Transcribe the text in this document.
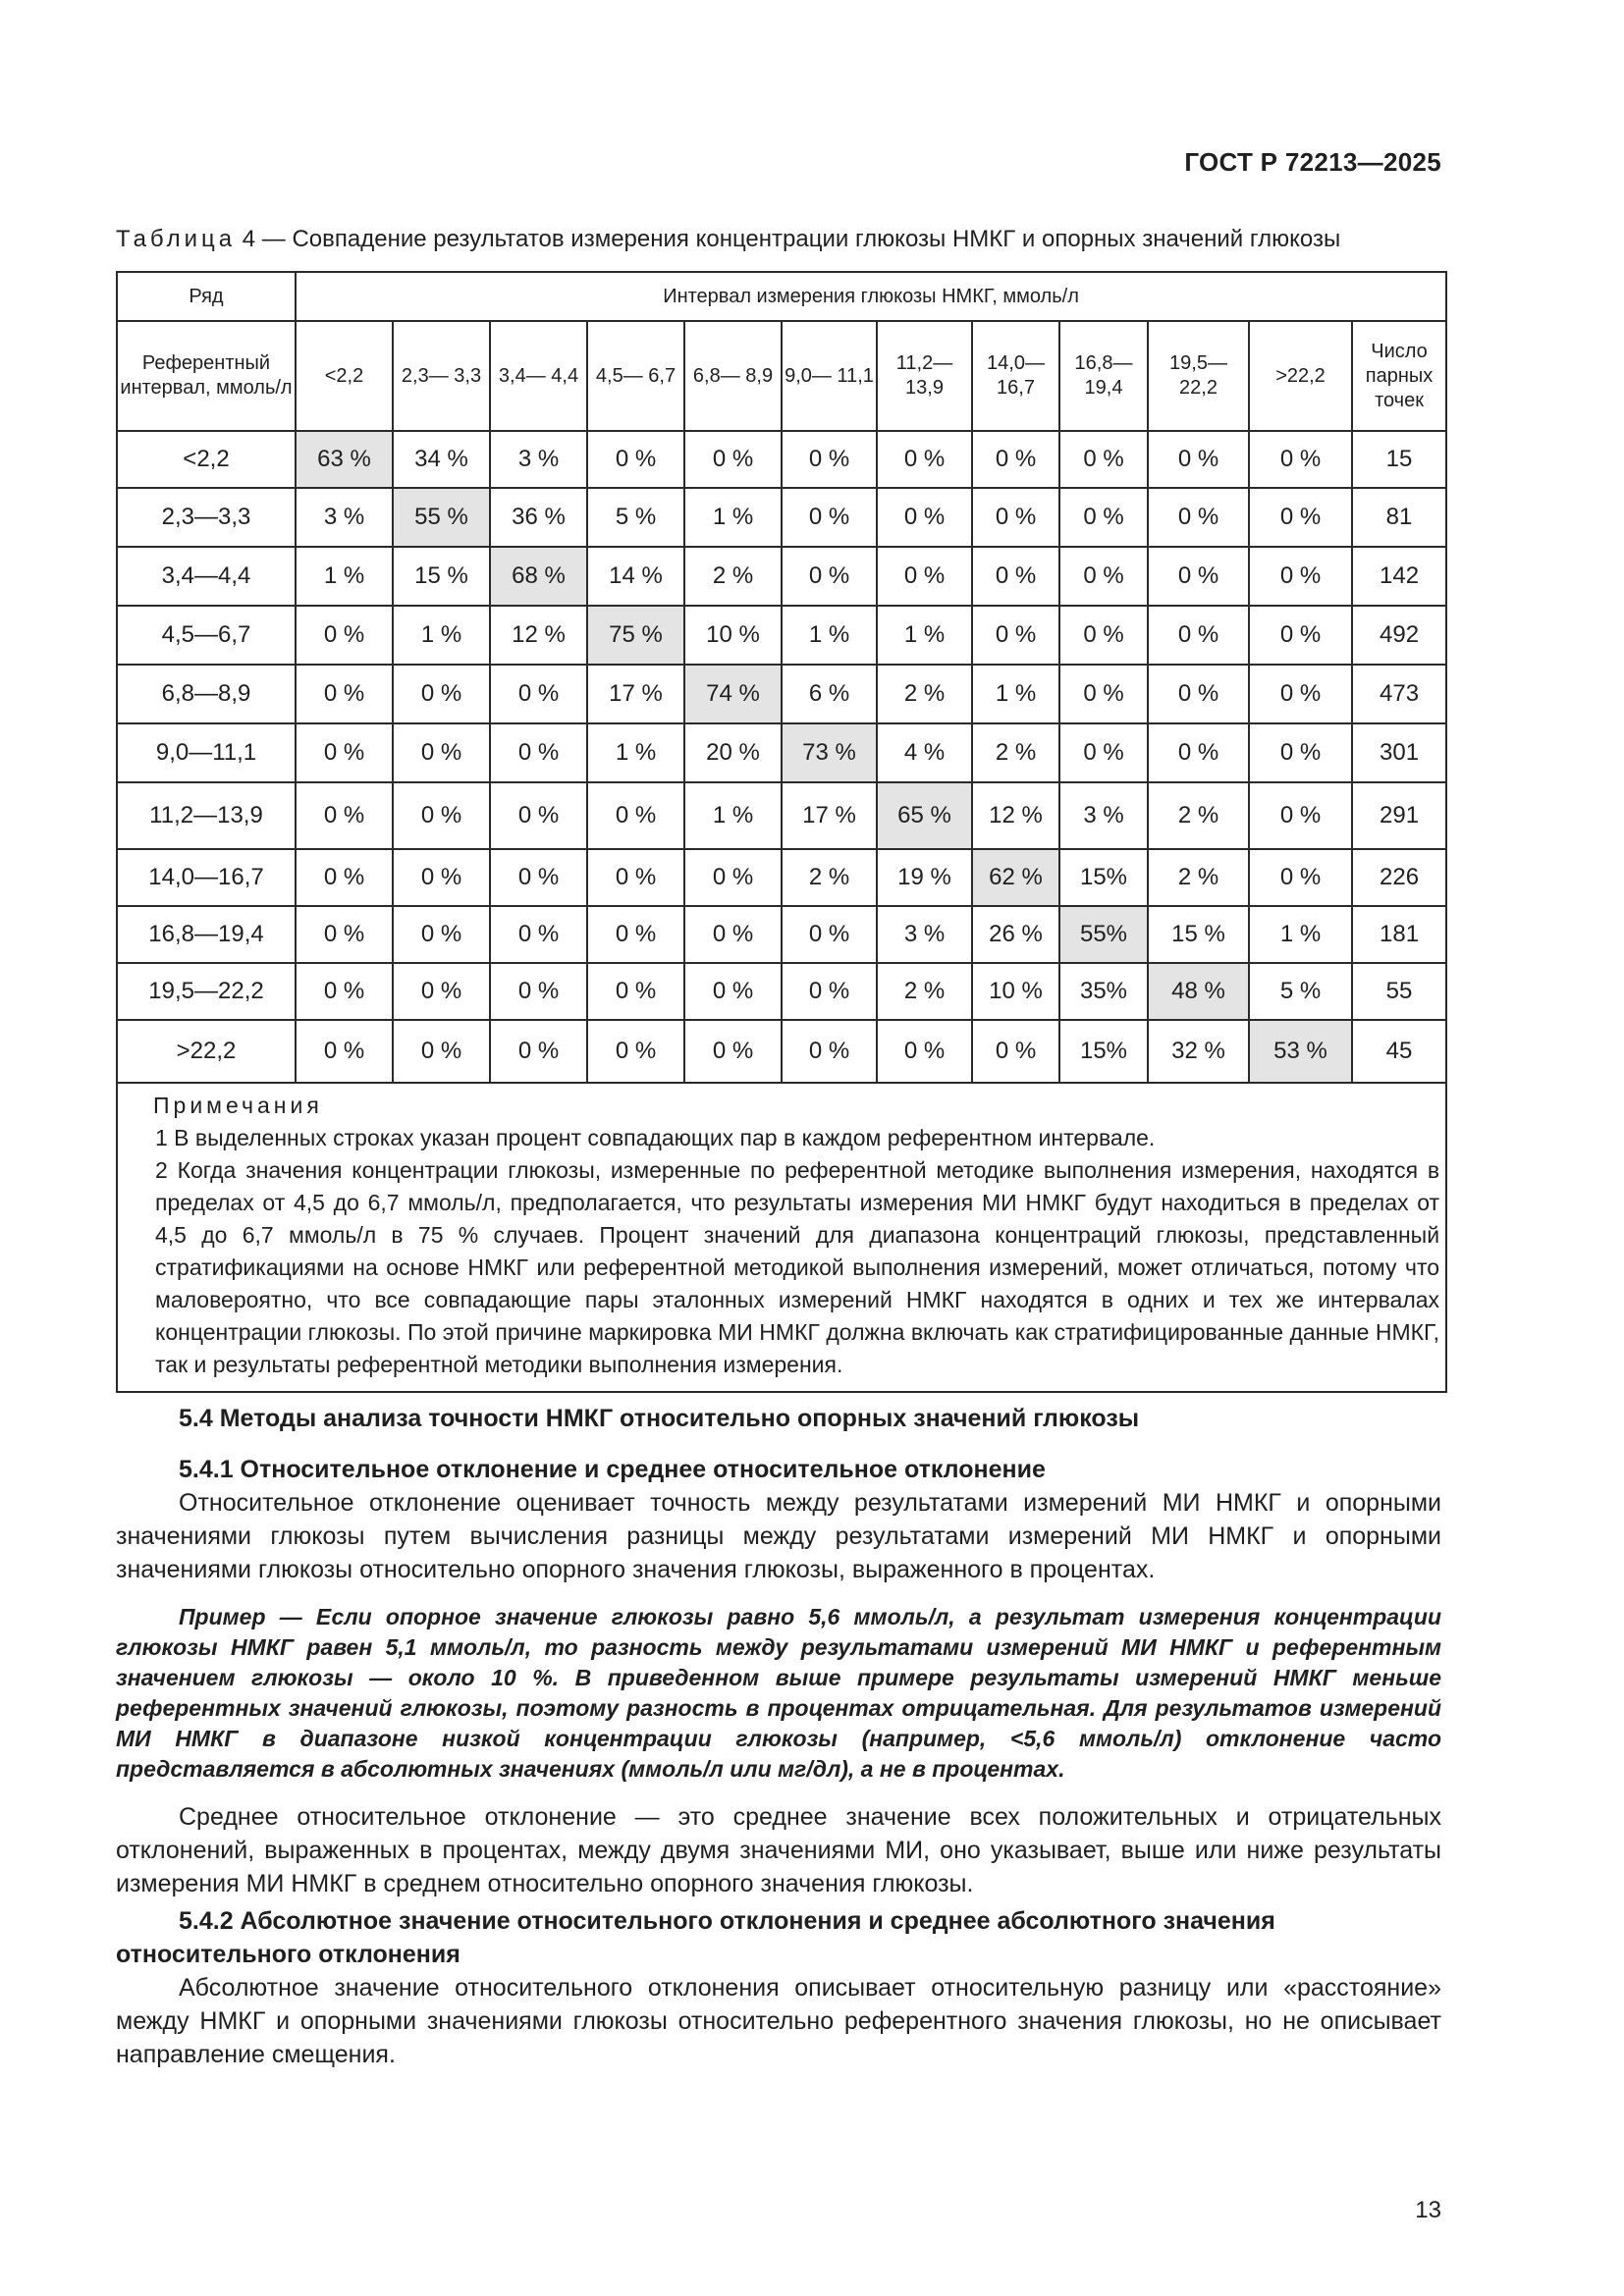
ГОСТ Р 72213—2025
Таблица 4 — Совпадение результатов измерения концентрации глюкозы НМКГ и опорных значений глюкозы
Ряд	Интервал измерения глюкозы НМКГ, ммоль/л											
Референтный интервал, ммоль/л	<2,2	2,3— 3,3	3,4— 4,4	4,5— 6,7	6,8— 8,9	9,0— 11,1	11,2— 13,9	14,0— 16,7	16,8— 19,4	19,5— 22,2	>22,2	Число парных точек
<2,2	63 %	34 %	3 %	0 %	0 %	0 %	0 %	0 %	0 %	0 %	0 %	15
2,3—3,3	3 %	55 %	36 %	5 %	1 %	0 %	0 %	0 %	0 %	0 %	0 %	81
3,4—4,4	1 %	15 %	68 %	14 %	2 %	0 %	0 %	0 %	0 %	0 %	0 %	142
4,5—6,7	0 %	1 %	12 %	75 %	10 %	1 %	1 %	0 %	0 %	0 %	0 %	492
6,8—8,9	0 %	0 %	0 %	17 %	74 %	6 %	2 %	1 %	0 %	0 %	0 %	473
9,0—11,1	0 %	0 %	0 %	1 %	20 %	73 %	4 %	2 %	0 %	0 %	0 %	301
11,2—13,9	0 %	0 %	0 %	0 %	1 %	17 %	65 %	12 %	3 %	2 %	0 %	291
14,0—16,7	0 %	0 %	0 %	0 %	0 %	2 %	19 %	62 %	15%	2 %	0 %	226
16,8—19,4	0 %	0 %	0 %	0 %	0 %	0 %	3 %	26 %	55%	15 %	1 %	181
19,5—22,2	0 %	0 %	0 %	0 %	0 %	0 %	2 %	10 %	35%	48 %	5 %	55
>22,2	0 %	0 %	0 %	0 %	0 %	0 %	0 %	0 %	15%	32 %	53 %	45

Примечания

1 В выделенных строках указан процент совпадающих пар в каждом референтном интервале.

2 Когда значения концентрации глюкозы, измеренные по референтной методике выполнения измерения, находятся в пределах от 4,5 до 6,7 ммоль/л, предполагается, что результаты измерения МИ НМКГ будут находиться в пределах от 4,5 до 6,7 ммоль/л в 75 % случаев. Процент значений для диапазона концентраций глюкозы, представленный стратификациями на основе НМКГ или референтной методикой выполнения измерений, может отличаться, потому что маловероятно, что все совпадающие пары эталонных измерений НМКГ находятся в одних и тех же интервалах концентрации глюкозы. По этой причине маркировка МИ НМКГ должна включать как стратифицированные данные НМКГ, так и результаты референтной методики выполнения измерения.												

5.4 Методы анализа точности НМКГ относительно опорных значений глюкозы
5.4.1 Относительное отклонение и среднее относительное отклонение

Относительное отклонение оценивает точность между результатами измерений МИ НМКГ и опорными значениями глюкозы путем вычисления разницы между результатами измерений МИ НМКГ и опорными значениями глюкозы относительно опорного значения глюкозы, выраженного в процентах.

Пример — Если опорное значение глюкозы равно 5,6 ммоль/л, а результат измерения концентрации глюкозы НМКГ равен 5,1 ммоль/л, то разность между результатами измерений МИ НМКГ и референтным значением глюкозы — около 10 %. В приведенном выше примере результаты измерений НМКГ меньше референтных значений глюкозы, поэтому разность в процентах отрицательная. Для результатов измерений МИ НМКГ в диапазоне низкой концентрации глюкозы (например, <5,6 ммоль/л) отклонение часто представляется в абсолютных значениях (ммоль/л или мг/дл), а не в процентах.

Среднее относительное отклонение — это среднее значение всех положительных и отрицательных отклонений, выраженных в процентах, между двумя значениями МИ, оно указывает, выше или ниже результаты измерения МИ НМКГ в среднем относительно опорного значения глюкозы.

5.4.2 Абсолютное значение относительного отклонения и среднее абсолютного значения относительного отклонения

Абсолютное значение относительного отклонения описывает относительную разницу или «расстояние» между НМКГ и опорными значениями глюкозы относительно референтного значения глюкозы, но не описывает направление смещения.

13
